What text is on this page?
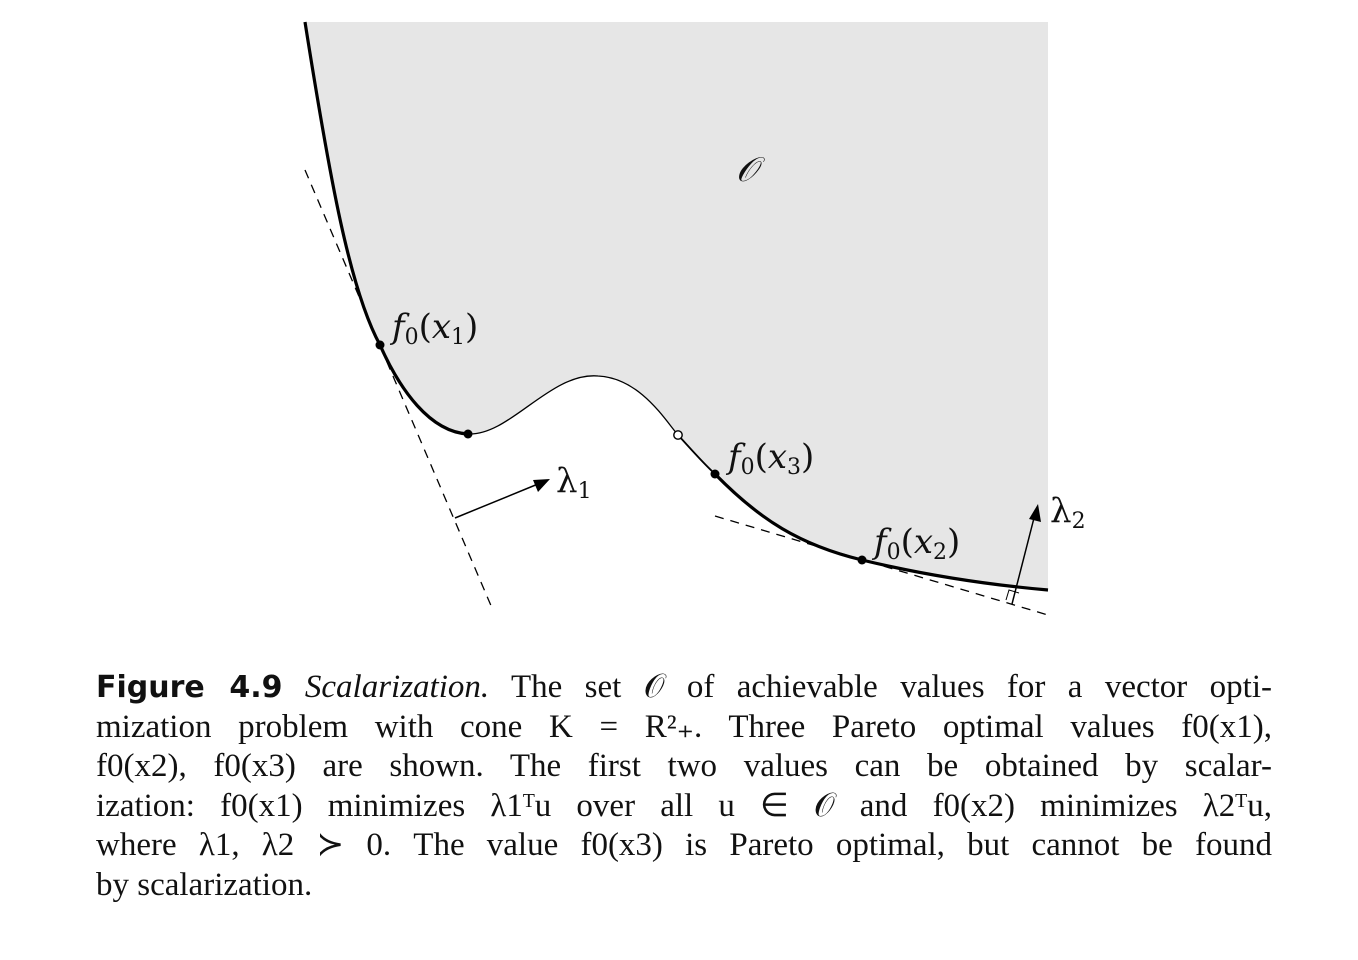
𝒪
f0(x1)
f0(x3)
f0(x2)
λ1	λ2
Figure 4.9 Scalarization. The set 𝒪 of achievable values for a vector opti-
mization problem with cone K = R²₊. Three Pareto optimal values f0(x1),
f0(x2), f0(x3) are shown. The first two values can be obtained by scalar-
ization: f0(x1) minimizes λ1ᵀu over all u ∈ 𝒪 and f0(x2) minimizes λ2ᵀu,
where λ1, λ2 ≻ 0. The value f0(x3) is Pareto optimal, but cannot be found
by scalarization.
